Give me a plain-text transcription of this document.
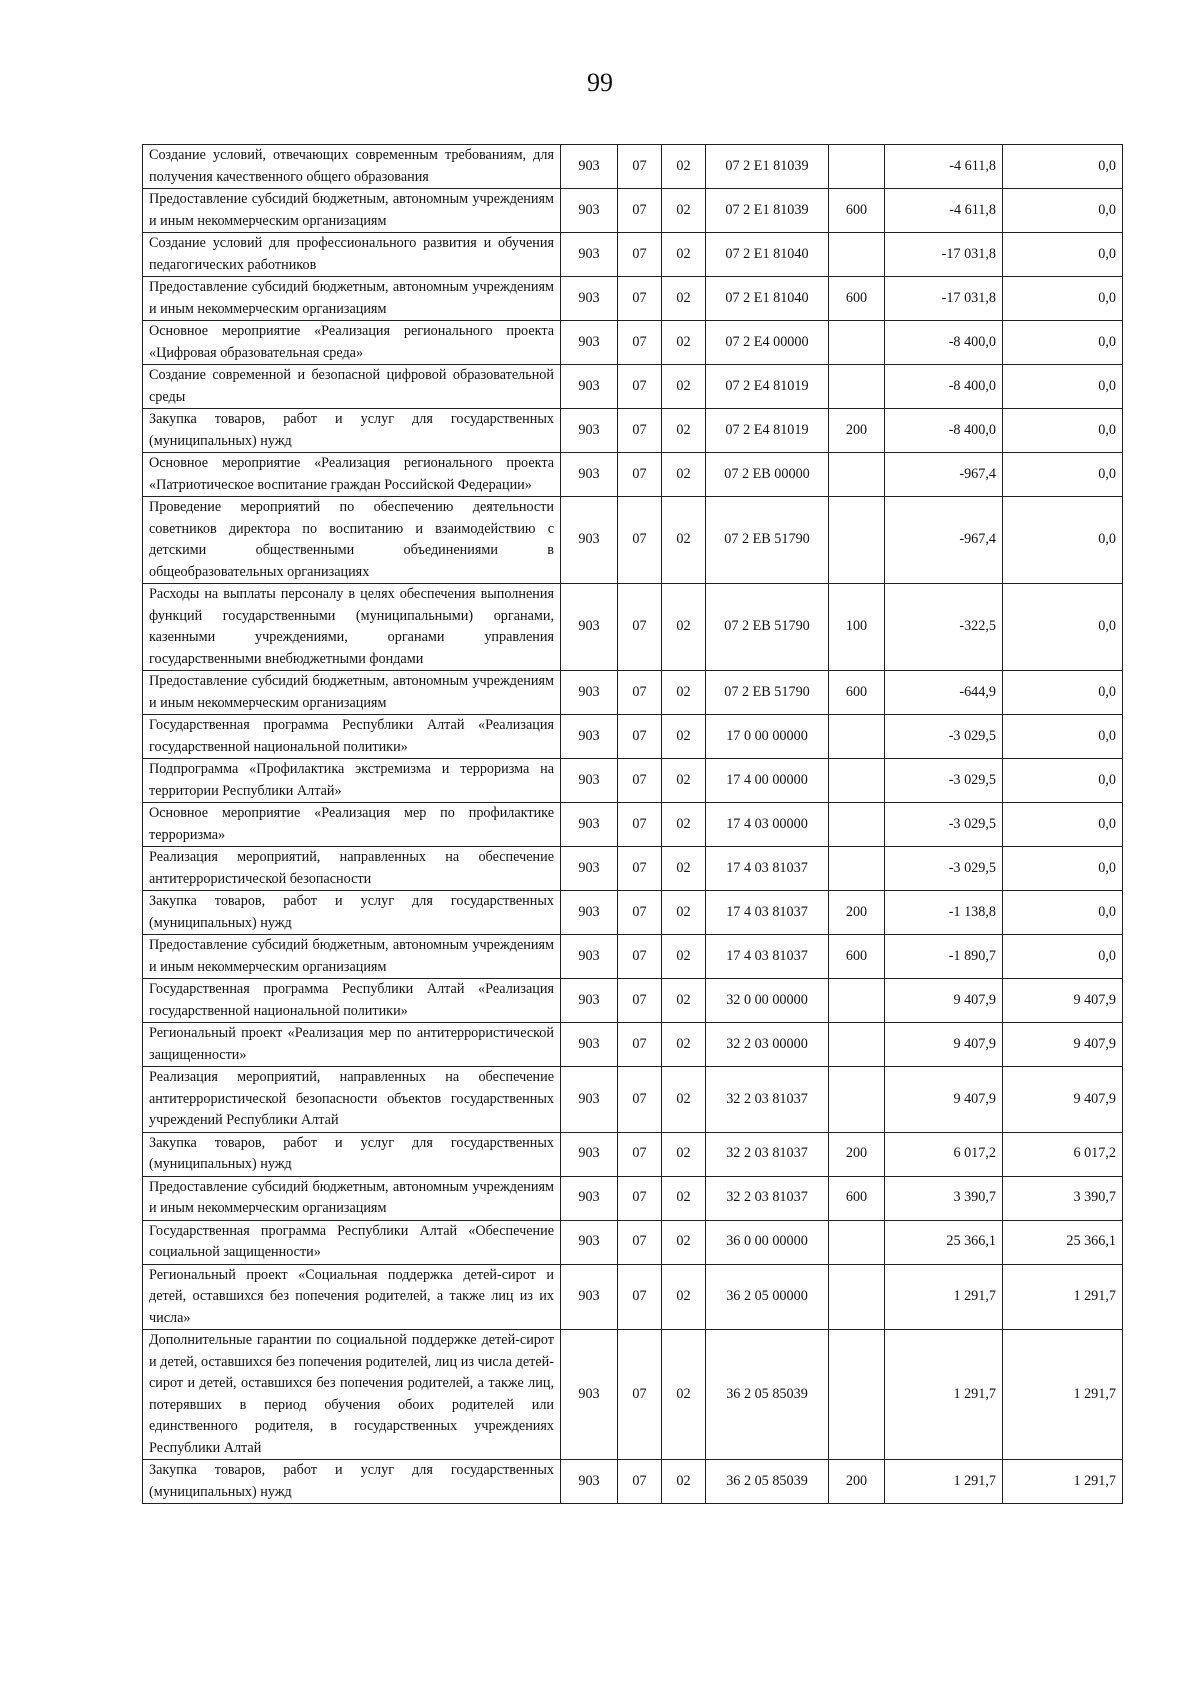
99
Создание условий, отвечающих современным требованиям, для получения качественного общего образования	903	07	02	07 2 E1 81039		-4 611,8	0,0
Предоставление субсидий бюджетным, автономным учреждениям и иным некоммерческим организациям	903	07	02	07 2 E1 81039	600	-4 611,8	0,0
Создание условий для профессионального развития и обучения педагогических работников	903	07	02	07 2 E1 81040		-17 031,8	0,0
Предоставление субсидий бюджетным, автономным учреждениям и иным некоммерческим организациям	903	07	02	07 2 E1 81040	600	-17 031,8	0,0
Основное мероприятие «Реализация регионального проекта «Цифровая образовательная среда»	903	07	02	07 2 E4 00000		-8 400,0	0,0
Создание современной и безопасной цифровой образовательной среды	903	07	02	07 2 E4 81019		-8 400,0	0,0
Закупка товаров, работ и услуг для государственных (муниципальных) нужд	903	07	02	07 2 E4 81019	200	-8 400,0	0,0
Основное мероприятие «Реализация регионального проекта «Патриотическое воспитание граждан Российской Федерации»	903	07	02	07 2 EB 00000		-967,4	0,0
Проведение мероприятий по обеспечению деятельности советников директора по воспитанию и взаимодействию с детскими общественными объединениями в общеобразовательных организациях	903	07	02	07 2 EB 51790		-967,4	0,0
Расходы на выплаты персоналу в целях обеспечения выполнения функций государственными (муниципальными) органами, казенными учреждениями, органами управления государственными внебюджетными фондами	903	07	02	07 2 EB 51790	100	-322,5	0,0
Предоставление субсидий бюджетным, автономным учреждениям и иным некоммерческим организациям	903	07	02	07 2 EB 51790	600	-644,9	0,0
Государственная программа Республики Алтай «Реализация государственной национальной политики»	903	07	02	17 0 00 00000		-3 029,5	0,0
Подпрограмма «Профилактика экстремизма и терроризма на территории Республики Алтай»	903	07	02	17 4 00 00000		-3 029,5	0,0
Основное мероприятие «Реализация мер по профилактике терроризма»	903	07	02	17 4 03 00000		-3 029,5	0,0
Реализация мероприятий, направленных на обеспечение антитеррористической безопасности	903	07	02	17 4 03 81037		-3 029,5	0,0
Закупка товаров, работ и услуг для государственных (муниципальных) нужд	903	07	02	17 4 03 81037	200	-1 138,8	0,0
Предоставление субсидий бюджетным, автономным учреждениям и иным некоммерческим организациям	903	07	02	17 4 03 81037	600	-1 890,7	0,0
Государственная программа Республики Алтай «Реализация государственной национальной политики»	903	07	02	32 0 00 00000		9 407,9	9 407,9
Региональный проект «Реализация мер по антитеррористической защищенности»	903	07	02	32 2 03 00000		9 407,9	9 407,9
Реализация мероприятий, направленных на обеспечение антитеррористической безопасности объектов государственных учреждений Республики Алтай	903	07	02	32 2 03 81037		9 407,9	9 407,9
Закупка товаров, работ и услуг для государственных (муниципальных) нужд	903	07	02	32 2 03 81037	200	6 017,2	6 017,2
Предоставление субсидий бюджетным, автономным учреждениям и иным некоммерческим организациям	903	07	02	32 2 03 81037	600	3 390,7	3 390,7
Государственная программа Республики Алтай «Обеспечение социальной защищенности»	903	07	02	36 0 00 00000		25 366,1	25 366,1
Региональный проект «Социальная поддержка детей-сирот и детей, оставшихся без попечения родителей, а также лиц из их числа»	903	07	02	36 2 05 00000		1 291,7	1 291,7
Дополнительные гарантии по социальной поддержке детей-сирот и детей, оставшихся без попечения родителей, лиц из числа детей-сирот и детей, оставшихся без попечения родителей, а также лиц, потерявших в период обучения обоих родителей или единственного родителя, в государственных учреждениях Республики Алтай	903	07	02	36 2 05 85039		1 291,7	1 291,7
Закупка товаров, работ и услуг для государственных (муниципальных) нужд	903	07	02	36 2 05 85039	200	1 291,7	1 291,7
